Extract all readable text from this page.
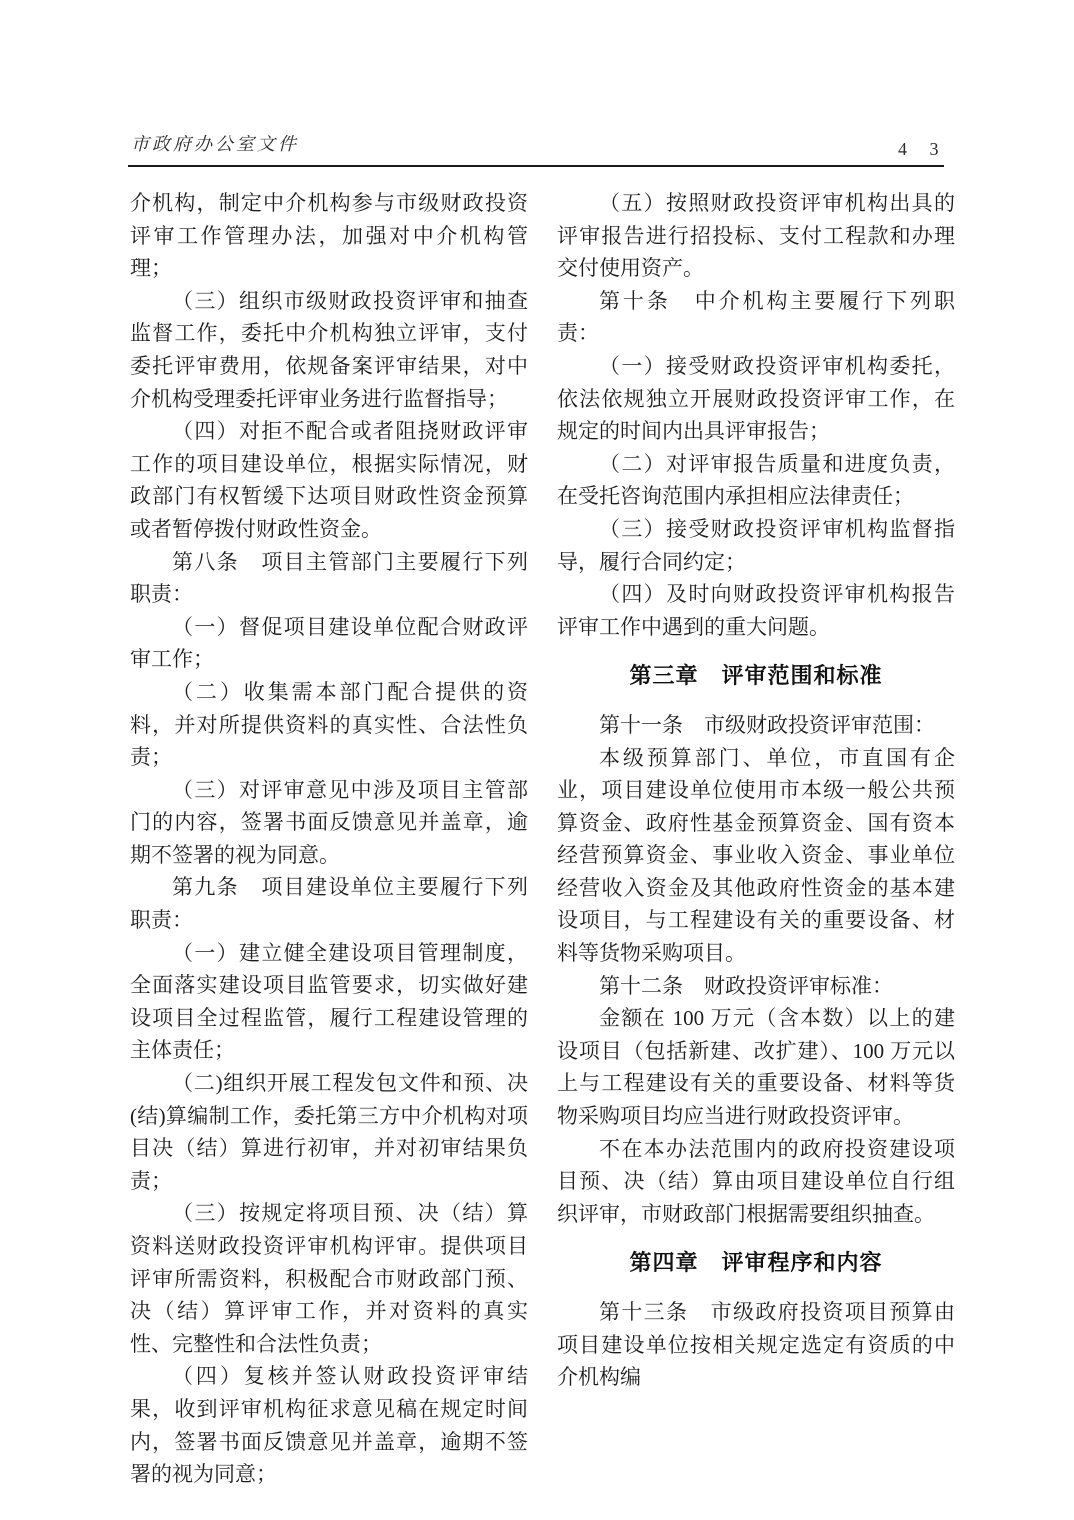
市政府办公室文件	4 3

介机构，制定中介机构参与市级财政投资评审工作管理办法，加强对中介机构管理；

（三）组织市级财政投资评审和抽查监督工作，委托中介机构独立评审，支付委托评审费用，依规备案评审结果，对中介机构受理委托评审业务进行监督指导；

（四）对拒不配合或者阻挠财政评审工作的项目建设单位，根据实际情况，财政部门有权暂缓下达项目财政性资金预算或者暂停拨付财政性资金。

第八条　项目主管部门主要履行下列职责：

（一）督促项目建设单位配合财政评审工作；

（二）收集需本部门配合提供的资料，并对所提供资料的真实性、合法性负责；

（三）对评审意见中涉及项目主管部门的内容，签署书面反馈意见并盖章，逾期不签署的视为同意。

第九条　项目建设单位主要履行下列职责：

（一）建立健全建设项目管理制度，全面落实建设项目监管要求，切实做好建设项目全过程监管，履行工程建设管理的主体责任；

（二)组织开展工程发包文件和预、决(结)算编制工作，委托第三方中介机构对项目决（结）算进行初审，并对初审结果负责；

（三）按规定将项目预、决（结）算资料送财政投资评审机构评审。提供项目评审所需资料，积极配合市财政部门预、决（结）算评审工作，并对资料的真实性、完整性和合法性负责；

（四）复核并签认财政投资评审结果，收到评审机构征求意见稿在规定时间内，签署书面反馈意见并盖章，逾期不签署的视为同意；

（五）按照财政投资评审机构出具的评审报告进行招投标、支付工程款和办理交付使用资产。

第十条　中介机构主要履行下列职责：

（一）接受财政投资评审机构委托，依法依规独立开展财政投资评审工作，在规定的时间内出具评审报告；

（二）对评审报告质量和进度负责，在受托咨询范围内承担相应法律责任；

（三）接受财政投资评审机构监督指导，履行合同约定；

（四）及时向财政投资评审机构报告评审工作中遇到的重大问题。

第三章　评审范围和标准

第十一条　市级财政投资评审范围：

本级预算部门、单位，市直国有企业，项目建设单位使用市本级一般公共预算资金、政府性基金预算资金、国有资本经营预算资金、事业收入资金、事业单位经营收入资金及其他政府性资金的基本建设项目，与工程建设有关的重要设备、材料等货物采购项目。

第十二条　财政投资评审标准：

金额在 100 万元（含本数）以上的建设项目（包括新建、改扩建）、100 万元以上与工程建设有关的重要设备、材料等货物采购项目均应当进行财政投资评审。

不在本办法范围内的政府投资建设项目预、决（结）算由项目建设单位自行组织评审，市财政部门根据需要组织抽查。

第四章　评审程序和内容

第十三条　市级政府投资项目预算由项目建设单位按相关规定选定有资质的中介机构编
